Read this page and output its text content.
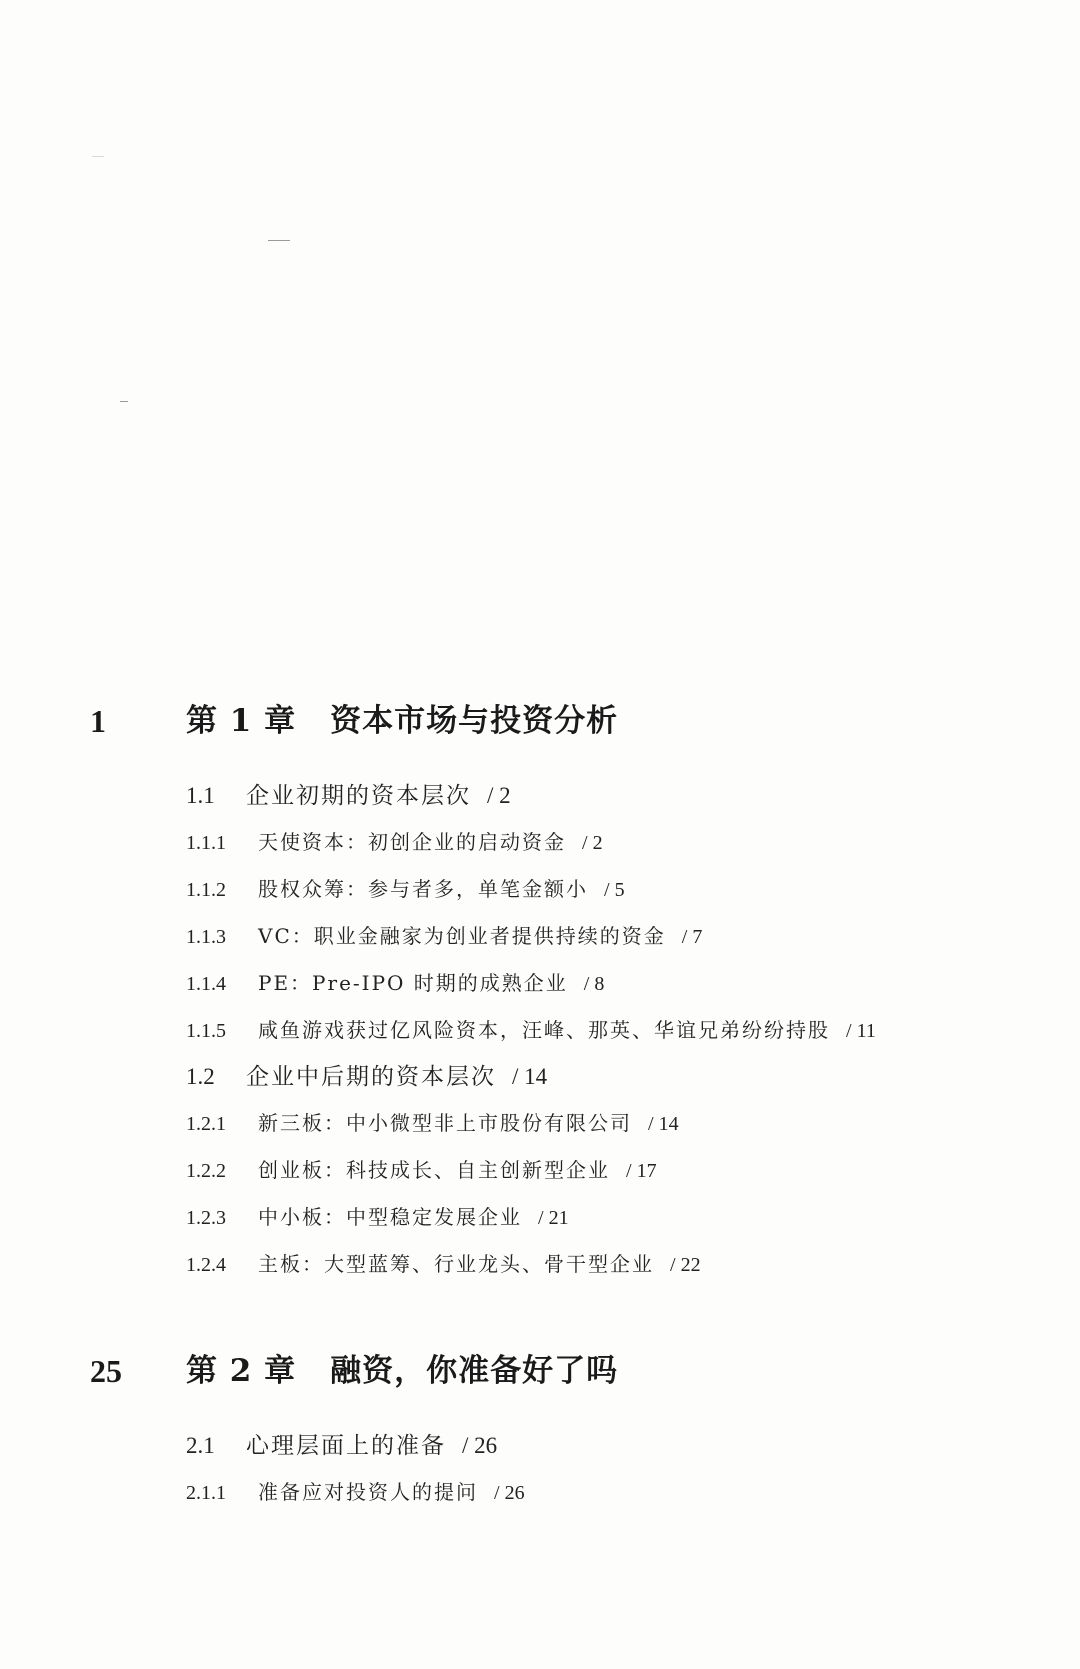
1	第 1 章 资本市场与投资分析
1.1 企业初期的资本层次 / 2
1.1.1 天使资本：初创企业的启动资金 / 2
1.1.2 股权众筹：参与者多，单笔金额小 / 5
1.1.3 VC：职业金融家为创业者提供持续的资金 / 7
1.1.4 PE：Pre-IPO 时期的成熟企业 / 8
1.1.5 咸鱼游戏获过亿风险资本，汪峰、那英、华谊兄弟纷纷持股 / 11
1.2 企业中后期的资本层次 / 14
1.2.1 新三板：中小微型非上市股份有限公司 / 14
1.2.2 创业板：科技成长、自主创新型企业 / 17
1.2.3 中小板：中型稳定发展企业 / 21
1.2.4 主板：大型蓝筹、行业龙头、骨干型企业 / 22
25	第 2 章 融资，你准备好了吗
2.1 心理层面上的准备 / 26
2.1.1 准备应对投资人的提问 / 26
